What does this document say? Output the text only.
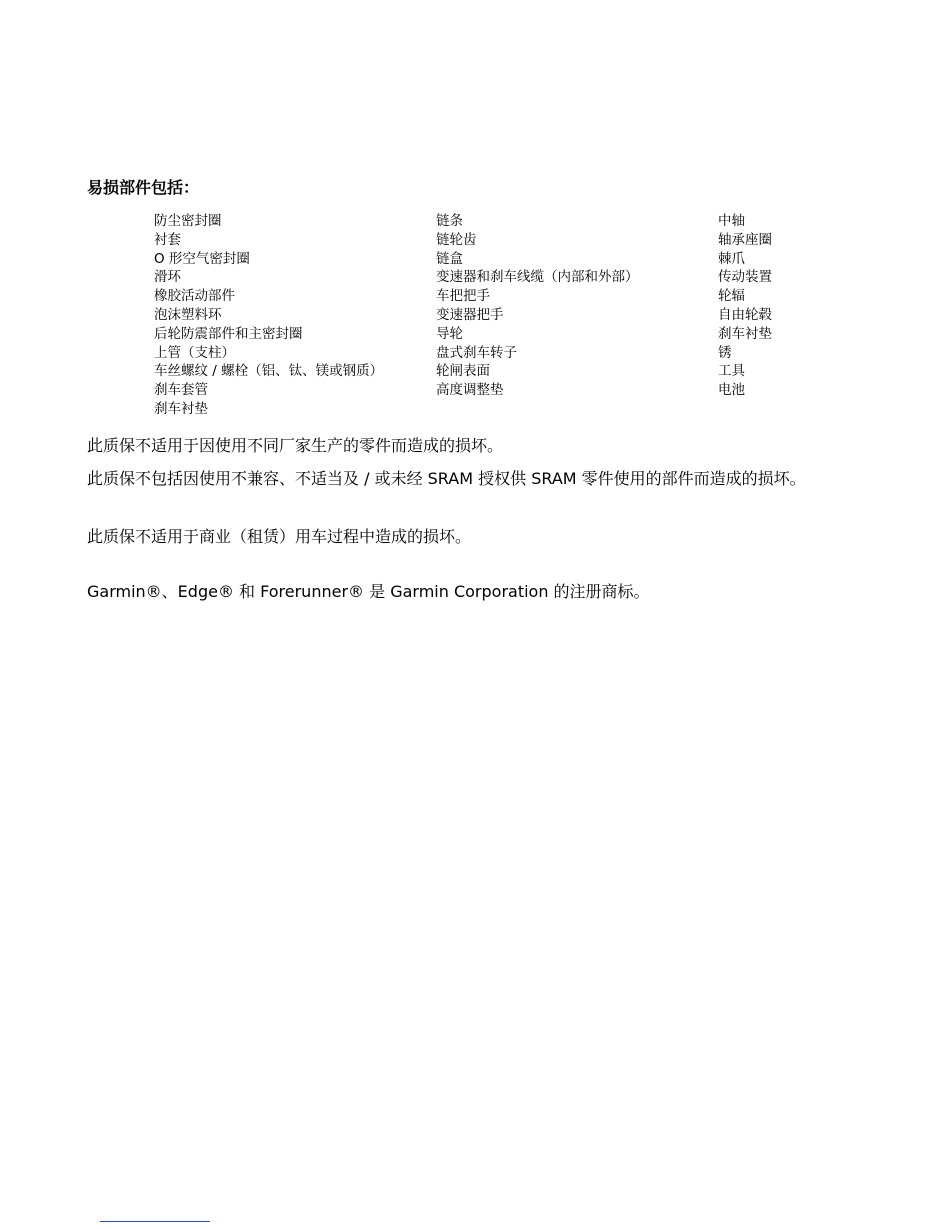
易损部件包括：
防尘密封圈
衬套
O 形空气密封圈
滑环
橡胶活动部件
泡沫塑料环
后轮防震部件和主密封圈
上管（支柱）
车丝螺纹 / 螺栓（铝、钛、镁或钢质）
刹车套管
刹车衬垫
链条
链轮齿
链盒
变速器和刹车线缆（内部和外部）
车把把手
变速器把手
导轮
盘式刹车转子
轮闸表面
高度调整垫
中轴
轴承座圈
棘爪
传动装置
轮辐
自由轮毂
刹车衬垫
锈
工具
电池
此质保不适用于因使用不同厂家生产的零件而造成的损坏。
此质保不包括因使用不兼容、不适当及 / 或未经 SRAM 授权供 SRAM 零件使用的部件而造成的损坏。
此质保不适用于商业（租赁）用车过程中造成的损坏。
Garmin®、Edge® 和 Forerunner® 是 Garmin Corporation 的注册商标。
